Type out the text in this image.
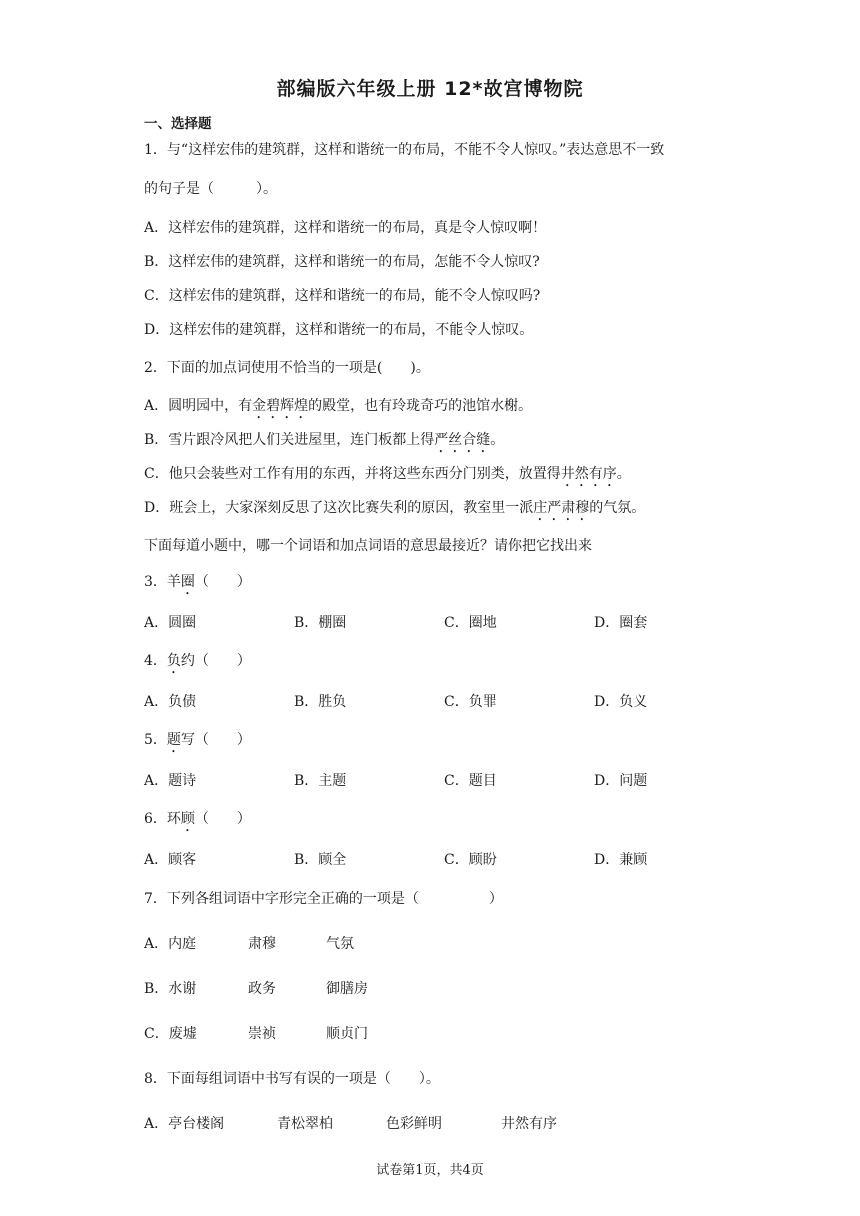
部编版六年级上册 12*故宫博物院
一、选择题
1．与“这样宏伟的建筑群，这样和谐统一的布局，不能不令人惊叹。”表达意思不一致
的句子是（　　　）。
A．这样宏伟的建筑群，这样和谐统一的布局，真是令人惊叹啊！
B．这样宏伟的建筑群，这样和谐统一的布局，怎能不令人惊叹?
C．这样宏伟的建筑群，这样和谐统一的布局，能不令人惊叹吗?
D．这样宏伟的建筑群，这样和谐统一的布局，不能令人惊叹。
2．下面的加点词使用不恰当的一项是(　　)。
A．圆明园中，有金碧辉煌的殿堂，也有玲珑奇巧的池馆水榭。
B．雪片跟冷风把人们关进屋里，连门板都上得严丝合缝。
C．他只会装些对工作有用的东西，并将这些东西分门别类，放置得井然有序。
D．班会上，大家深刻反思了这次比赛失利的原因，教室里一派庄严肃穆的气氛。
下面每道小题中，哪一个词语和加点词语的意思最接近？请你把它找出来
3．羊圈（　　）
A．圆圈	B．棚圈	C．圈地	D．圈套
4．负约（　　）
A．负债	B．胜负	C．负罪	D．负义
5．题写（　　）
A．题诗	B．主题	C．题目	D．问题
6．环顾（　　）
A．顾客	B．顾全	C．顾盼	D．兼顾
7．下列各组词语中字形完全正确的一项是（　　　　　）
A．内庭	肃穆	气氛
B．水谢	政务	御膳房
C．废墟	崇祯	顺贞门
8．下面每组词语中书写有误的一项是（　　）。
A．亭台楼阁	青松翠柏	色彩鲜明	井然有序
试卷第1页，共4页
